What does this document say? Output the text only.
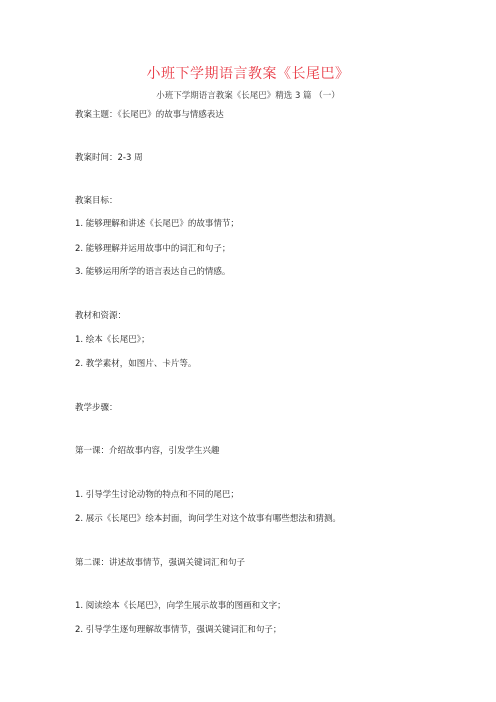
小班下学期语言教案《长尾巴》
小班下学期语言教案《长尾巴》精选 3 篇 （一）
教案主题：《长尾巴》的故事与情感表达
教案时间：2-3 周
教案目标：
1. 能够理解和讲述《长尾巴》的故事情节；
2. 能够理解并运用故事中的词汇和句子；
3. 能够运用所学的语言表达自己的情感。
教材和资源：
1. 绘本《长尾巴》；
2. 教学素材，如图片、卡片等。
教学步骤：
第一课：介绍故事内容，引发学生兴趣
1. 引导学生讨论动物的特点和不同的尾巴；
2. 展示《长尾巴》绘本封面，询问学生对这个故事有哪些想法和猜测。
第二课：讲述故事情节，强调关键词汇和句子
1. 阅读绘本《长尾巴》，向学生展示故事的图画和文字；
2. 引导学生逐句理解故事情节，强调关键词汇和句子；
